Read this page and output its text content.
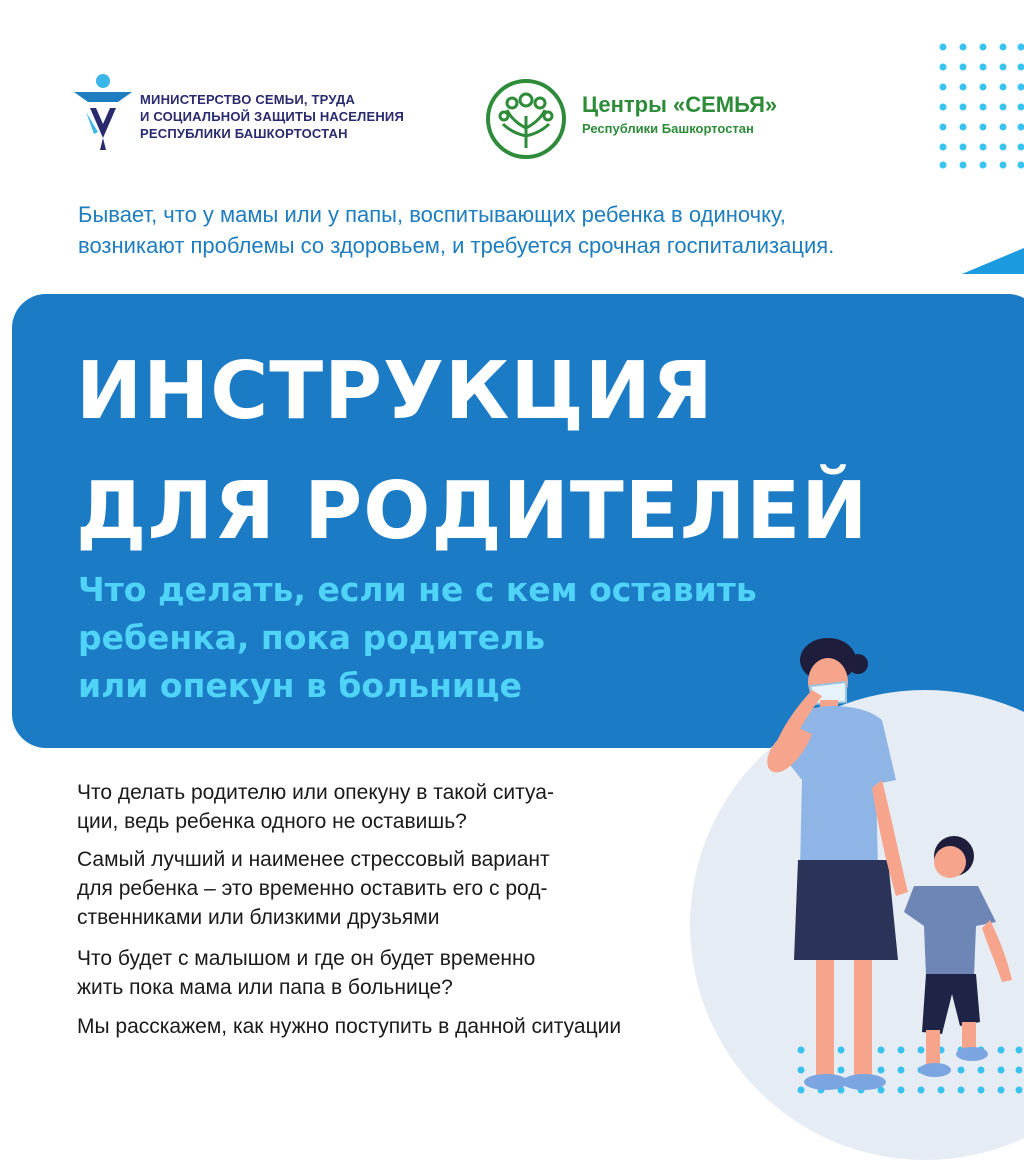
МИНИСТЕРСТВО СЕМЬИ, ТРУДА
И СОЦИАЛЬНОЙ ЗАЩИТЫ НАСЕЛЕНИЯ
РЕСПУБЛИКИ БАШКОРТОСТАН
Центры «СЕМЬЯ»
Республики Башкортостан
Бывает, что у мамы или у папы, воспитывающих ребенка в одиночку,
возникают проблемы со здоровьем, и требуется срочная госпитализация.
ИНСТРУКЦИЯ
ДЛЯ РОДИТЕЛЕЙ
Что делать, если не с кем оставить
ребенка, пока родитель
или опекун в больнице
Что делать родителю или опекуну в такой ситуа-
ции, ведь ребенка одного не оставишь?
Самый лучший и наименее стрессовый вариант
для ребенка – это временно оставить его с род-
ственниками или близкими друзьями
Что будет с малышом и где он будет временно
жить пока мама или папа в больнице?
Мы расскажем, как нужно поступить в данной ситуации
